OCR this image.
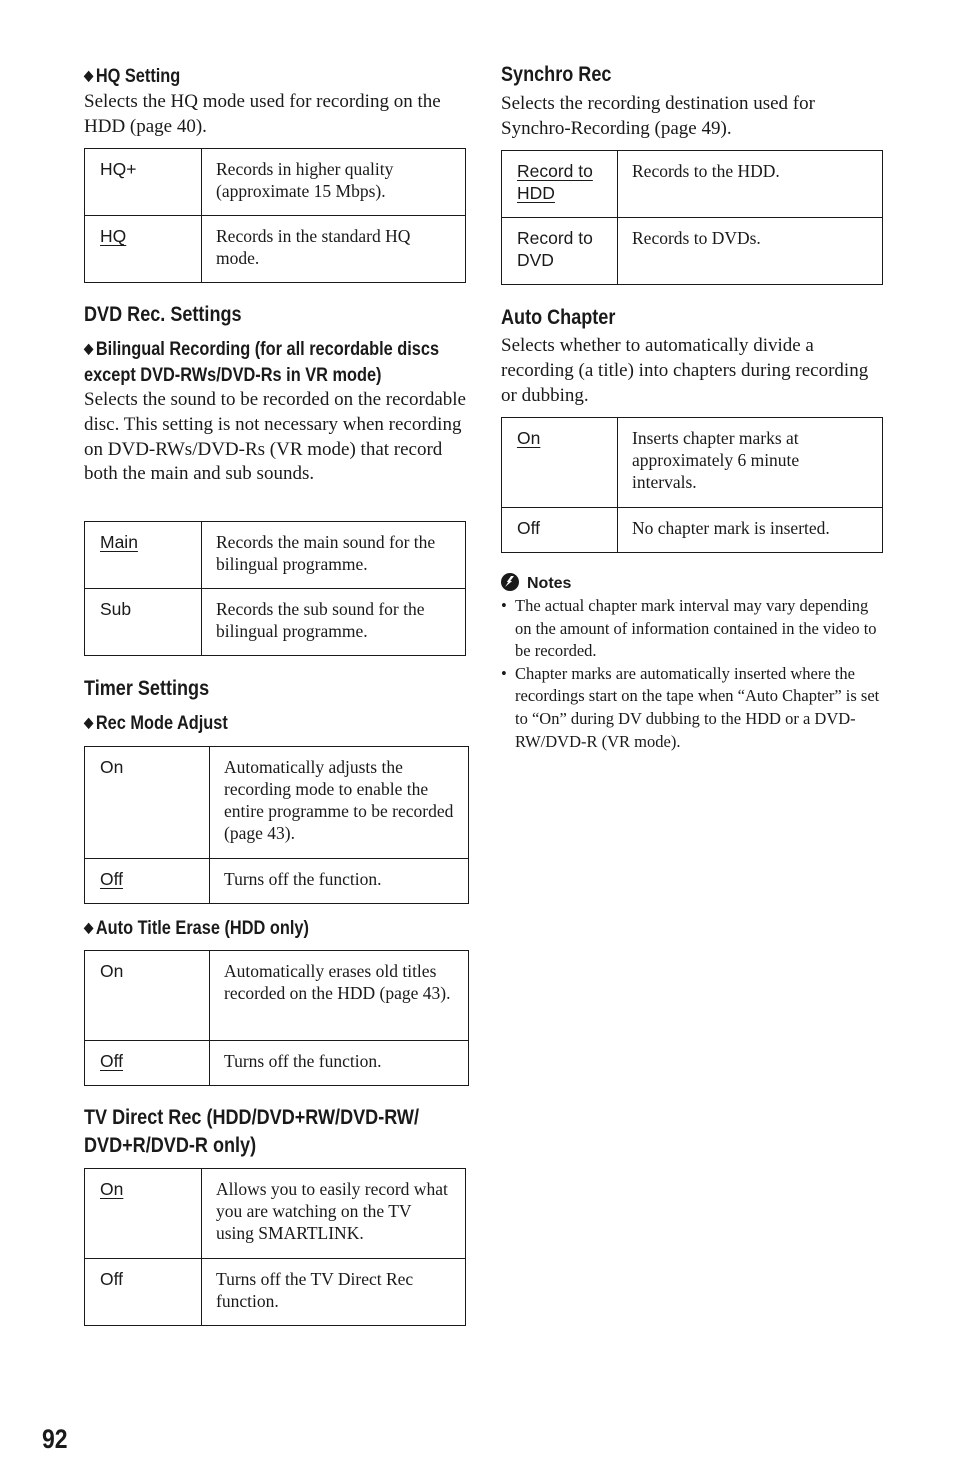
◆ HQ Setting

Selects the HQ mode used for recording on the HDD (page 40).

HQ+	Records in higher quality (approximate 15 Mbps).
HQ	Records in the standard HQ mode.
DVD Rec. Settings
◆ Bilingual Recording (for all recordable discs except DVD-RWs/DVD-Rs in VR mode)

Selects the sound to be recorded on the recordable disc. This setting is not necessary when recording on DVD-RWs/DVD-Rs (VR mode) that record both the main and sub sounds.

Main	Records the main sound for the bilingual programme.
Sub	Records the sub sound for the bilingual programme.
Timer Settings
◆ Rec Mode Adjust
On	Automatically adjusts the recording mode to enable the entire programme to be recorded (page 43).
Off	Turns off the function.
◆ Auto Title Erase (HDD only)
On	Automatically erases old titles recorded on the HDD (page 43).
Off	Turns off the function.
TV Direct Rec (HDD/DVD+RW/DVD-RW/ DVD+R/DVD-R only)
On	Allows you to easily record what you are watching on the TV using SMARTLINK.
Off	Turns off the TV Direct Rec function.
Synchro Rec

Selects the recording destination used for Synchro-Recording (page 49).

Record to HDD	Records to the HDD.
Record to DVD	Records to DVDs.
Auto Chapter

Selects whether to automatically divide a recording (a title) into chapters during recording or dubbing.

On	Inserts chapter marks at approximately 6 minute intervals.
Off	No chapter mark is inserted.
Notes
• The actual chapter mark interval may vary depending on the amount of information contained in the video to be recorded.
• Chapter marks are automatically inserted where the recordings start on the tape when “Auto Chapter” is set to “On” during DV dubbing to the HDD or a DVD-RW/DVD-R (VR mode).
92
